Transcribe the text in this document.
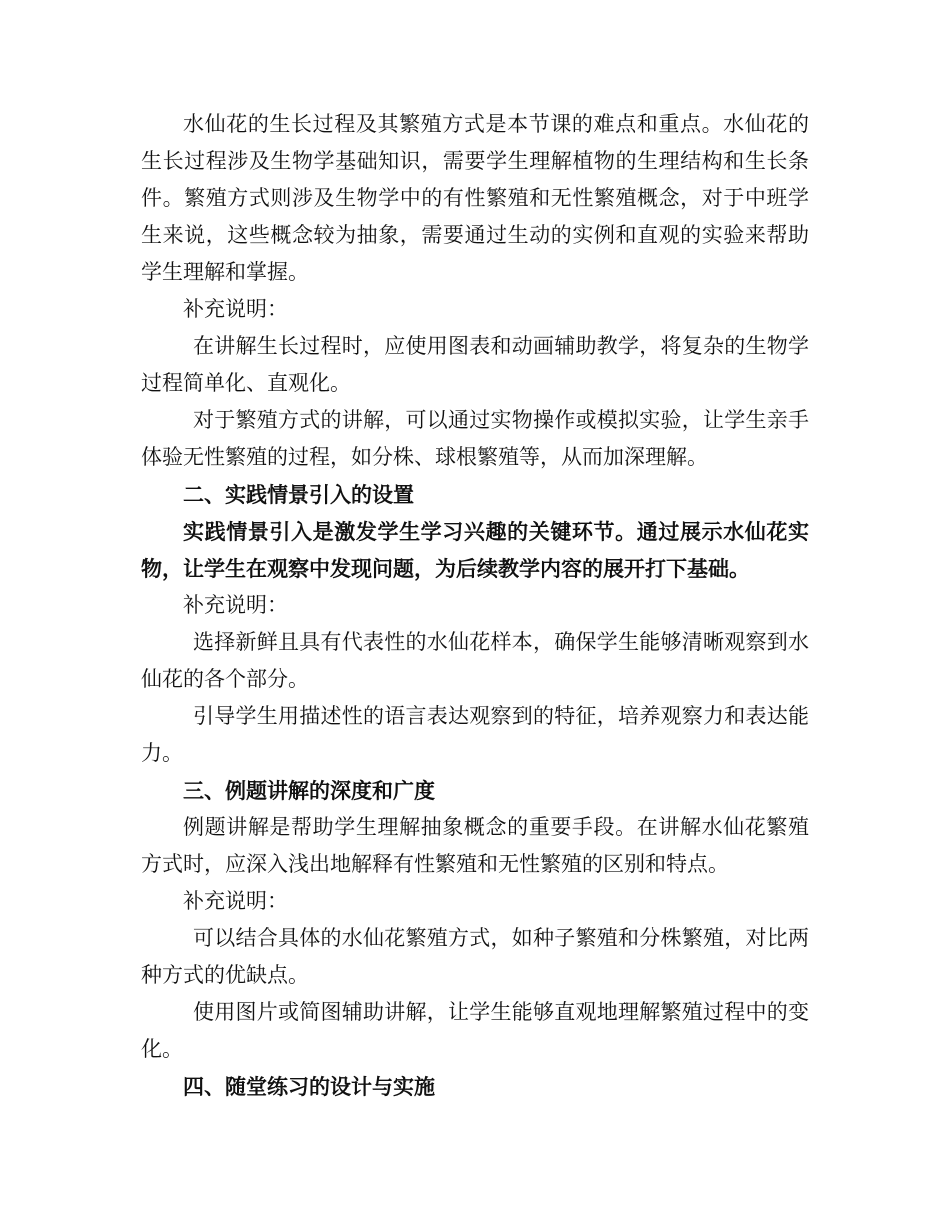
水仙花的生长过程及其繁殖方式是本节课的难点和重点。水仙花的生长过程涉及生物学基础知识，需要学生理解植物的生理结构和生长条件。繁殖方式则涉及生物学中的有性繁殖和无性繁殖概念，对于中班学生来说，这些概念较为抽象，需要通过生动的实例和直观的实验来帮助学生理解和掌握。

补充说明：

在讲解生长过程时，应使用图表和动画辅助教学，将复杂的生物学过程简单化、直观化。

对于繁殖方式的讲解，可以通过实物操作或模拟实验，让学生亲手体验无性繁殖的过程，如分株、球根繁殖等，从而加深理解。

二、实践情景引入的设置

实践情景引入是激发学生学习兴趣的关键环节。通过展示水仙花实物，让学生在观察中发现问题，为后续教学内容的展开打下基础。

补充说明：

选择新鲜且具有代表性的水仙花样本，确保学生能够清晰观察到水仙花的各个部分。

引导学生用描述性的语言表达观察到的特征，培养观察力和表达能力。

三、例题讲解的深度和广度

例题讲解是帮助学生理解抽象概念的重要手段。在讲解水仙花繁殖方式时，应深入浅出地解释有性繁殖和无性繁殖的区别和特点。

补充说明：

可以结合具体的水仙花繁殖方式，如种子繁殖和分株繁殖，对比两种方式的优缺点。

使用图片或简图辅助讲解，让学生能够直观地理解繁殖过程中的变化。

四、随堂练习的设计与实施
